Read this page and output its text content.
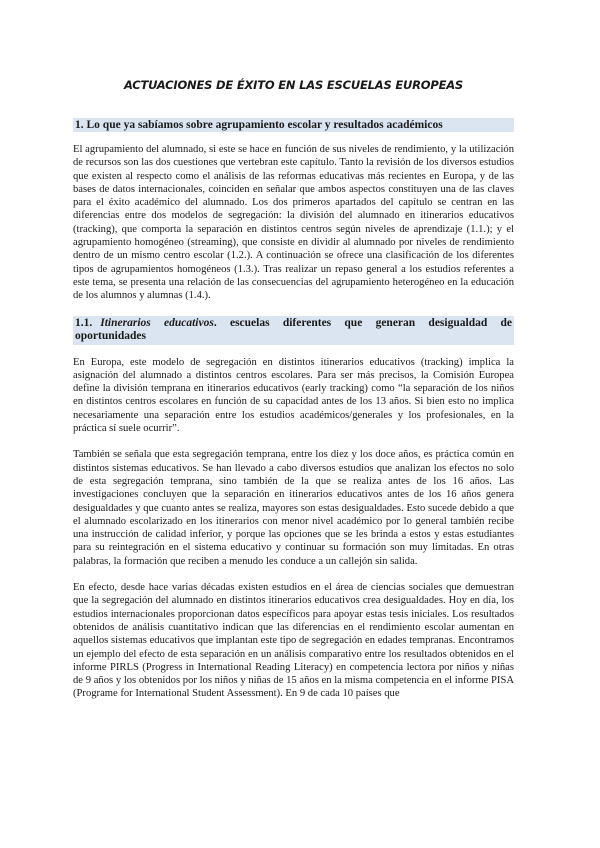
ACTUACIONES DE ÉXITO EN LAS ESCUELAS EUROPEAS
1. Lo que ya sabíamos sobre agrupamiento escolar y resultados académicos

El agrupamiento del alumnado, si este se hace en función de sus niveles de rendimiento, y la utilización de recursos son las dos cuestiones que vertebran este capítulo. Tanto la revisión de los diversos estudios que existen al respecto como el análisis de las reformas educativas más recientes en Europa, y de las bases de datos internacionales, coinciden en señalar que ambos aspectos constituyen una de las claves para el éxito académico del alumnado. Los dos primeros apartados del capítulo se centran en las diferencias entre dos modelos de segregación: la división del alumnado en itinerarios educativos (tracking), que comporta la separación en distintos centros según niveles de aprendizaje (1.1.); y el agrupamiento homogéneo (streaming), que consiste en dividir al alumnado por niveles de rendimiento dentro de un mismo centro escolar (1.2.). A continuación se ofrece una clasificación de los diferentes tipos de agrupamientos homogéneos (1.3.). Tras realizar un repaso general a los estudios referentes a este tema, se presenta una relación de las consecuencias del agrupamiento heterogéneo en la educación de los alumnos y alumnas (1.4.).

1.1. Itinerarios educativos. escuelas diferentes que generan desigualdad de oportunidades

En Europa, este modelo de segregación en distintos itinerarios educativos (tracking) implica la asignación del alumnado a distintos centros escolares. Para ser más precisos, la Comisión Europea define la división temprana en itinerarios educativos (early tracking) como “la separación de los niños en distintos centros escolares en función de su capacidad antes de los 13 años. Si bien esto no implica necesariamente una separación entre los estudios académicos/generales y los profesionales, en la práctica sí suele ocurrir”.

También se señala que esta segregación temprana, entre los diez y los doce años, es práctica común en distintos sistemas educativos. Se han llevado a cabo diversos estudios que analizan los efectos no solo de esta segregación temprana, sino también de la que se realiza antes de los 16 años. Las investigaciones concluyen que la separación en itinerarios educativos antes de los 16 años genera desigualdades y que cuanto antes se realiza, mayores son estas desigualdades. Esto sucede debido a que el alumnado escolarizado en los itinerarios con menor nivel académico por lo general también recibe una instrucción de calidad inferior, y porque las opciones que se les brinda a estos y estas estudiantes para su reintegración en el sistema educativo y continuar su formación son muy limitadas. En otras palabras, la formación que reciben a menudo les conduce a un callejón sin salida.

En efecto, desde hace varias décadas existen estudios en el área de ciencias sociales que demuestran que la segregación del alumnado en distintos itinerarios educativos crea desigualdades. Hoy en día, los estudios internacionales proporcionan datos específicos para apoyar estas tesis iniciales. Los resultados obtenidos de análisis cuantitativo indican que las diferencias en el rendimiento escolar aumentan en aquellos sistemas educativos que implantan este tipo de segregación en edades tempranas. Encontramos un ejemplo del efecto de esta separación en un análisis comparativo entre los resultados obtenidos en el informe PIRLS (Progress in International Reading Literacy) en competencia lectora por niños y niñas de 9 años y los obtenidos por los niños y niñas de 15 años en la misma competencia en el informe PISA (Programe for International Student Assessment). En 9 de cada 10 países que
